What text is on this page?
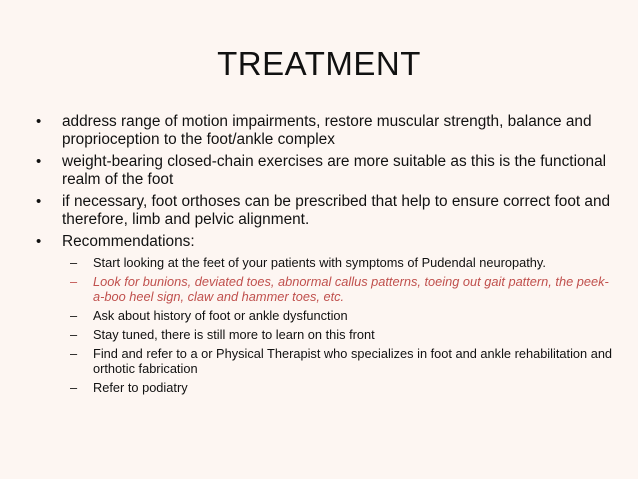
TREATMENT
• address range of motion impairments, restore muscular strength, balance and proprioception to the foot/ankle complex
• weight-bearing closed-chain exercises are more suitable as this is the functional realm of the foot
• if necessary, foot orthoses can be prescribed that help to ensure correct foot and therefore, limb and pelvic alignment.
• Recommendations:
– Start looking at the feet of your patients with symptoms of Pudendal neuropathy.
– Look for bunions, deviated toes, abnormal callus patterns, toeing out gait pattern, the peek-a-boo heel sign, claw and hammer toes, etc.
– Ask about history of foot or ankle dysfunction
– Stay tuned, there is still more to learn on this front
– Find and refer to a or Physical Therapist who specializes in foot and ankle rehabilitation and orthotic fabrication
– Refer to podiatry
